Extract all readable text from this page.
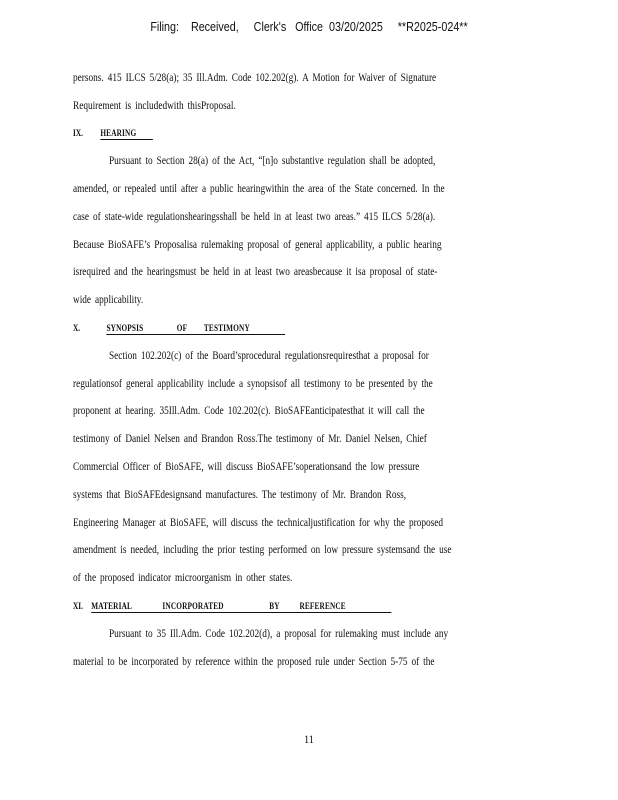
Filing:    Received,     Clerk's   Office  03/20/2025     **R2025-024**
persons. 415 ILCS 5/28(a); 35 Ill.Adm. Code 102.202(g). A Motion for Waiver of Signature
Requirement is includedwith thisProposal.
IX. HEARING
Pursuant to Section 28(a) of the Act, “[n]o substantive regulation shall be adopted,
amended, or repealed until after a public hearingwithin the area of the State concerned. In the
case of state-wide regulationshearingsshall be held in at least two areas.” 415 ILCS 5/28(a).
Because BioSAFE’s Proposalisa rulemaking proposal of general applicability, a public hearing
isrequired and the hearingsmust be held in at least two areasbecause it isa proposal of state-
wide applicability.
X.	SYNOPSIS	OF TESTIMONY
Section 102.202(c) of the Board’sprocedural regulationsrequiresthat a proposal for
regulationsof general applicability include a synopsisof all testimony to be presented by the
proponent at hearing. 35Ill.Adm. Code 102.202(c). BioSAFEanticipatesthat it will call the
testimony of Daniel Nelsen and Brandon Ross.The testimony of Mr. Daniel Nelsen, Chief
Commercial Officer of BioSAFE, will discuss BioSAFE’soperationsand the low pressure
systems that BioSAFEdesignsand manufactures. The testimony of Mr. Brandon Ross,
Engineering Manager at BioSAFE, will discuss the technicaljustification for why the proposed
amendment is needed, including the prior testing performed on low pressure systemsand the use
of the proposed indicator microorganism in other states.
XI. MATERIAL	INCORPORATED	BY REFERENCE
Pursuant to 35 Ill.Adm. Code 102.202(d), a proposal for rulemaking must include any
material to be incorporated by reference within the proposed rule under Section 5-75 of the
11
